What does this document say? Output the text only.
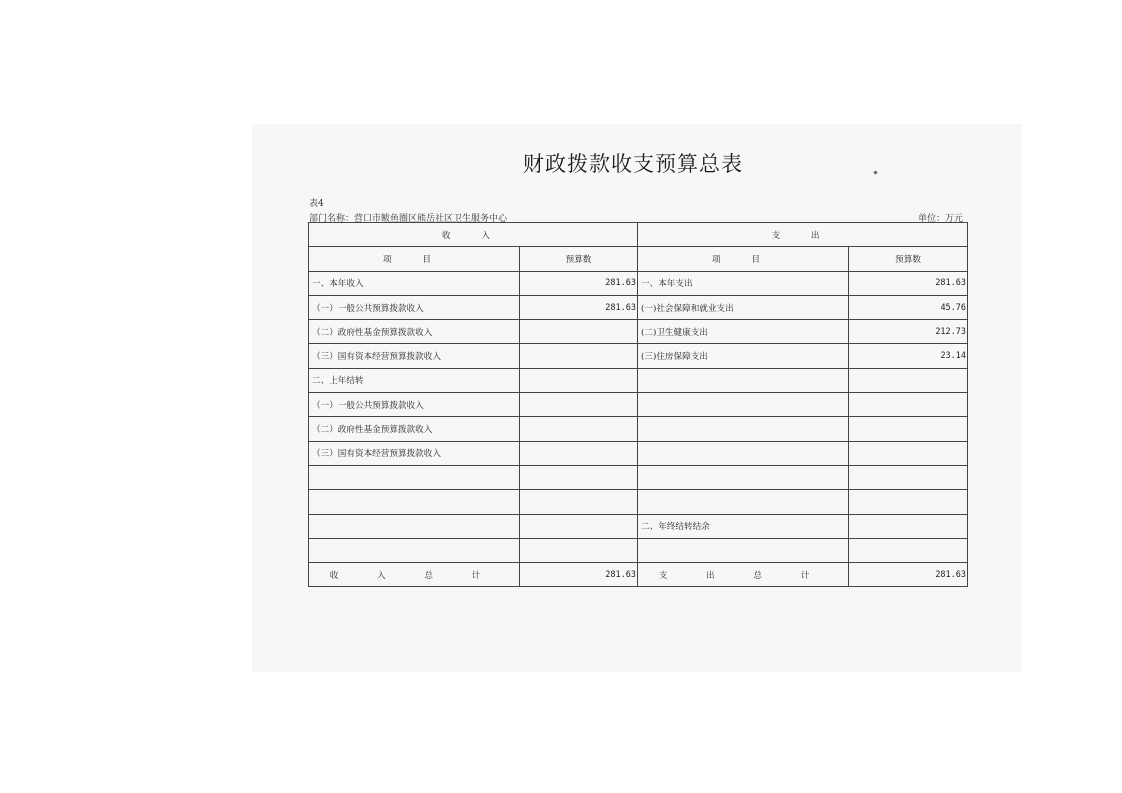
财政拨款收支预算总表
表4
部门名称：营口市鲅鱼圈区熊岳社区卫生服务中心	单位：万元
收 入		支 出	
项 目	预算数	项 目	预算数
一、本年收入	281.63	一、本年支出	281.63
（一）一般公共预算拨款收入	281.63	(一)社会保障和就业支出	45.76
（二）政府性基金预算拨款收入		(二)卫生健康支出	212.73
（三）国有资本经营预算拨款收入		(三)住房保障支出	23.14
二、上年结转			
（一）一般公共预算拨款收入			
（二）政府性基金预算拨款收入			
（三）国有资本经营预算拨款收入			

		二、年终结转结余	

收 入 总 计	281.63	支 出 总 计	281.63
